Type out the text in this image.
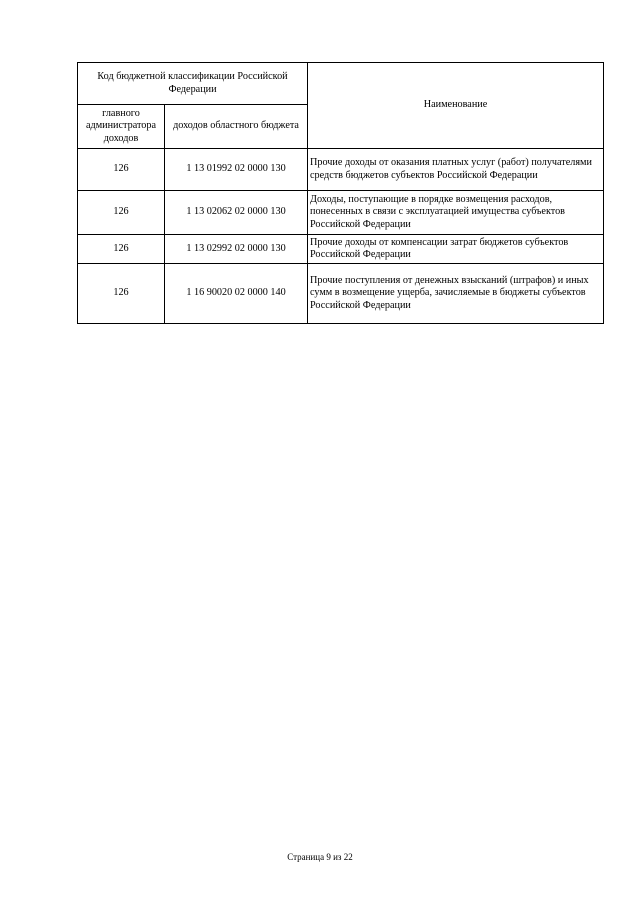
Код бюджетной классификации Российской Федерации		Наименование
главного администратора доходов	доходов областного бюджета	
126	1 13 01992 02 0000 130	Прочие доходы от оказания платных услуг (работ) получателями средств бюджетов субъектов Российской Федерации
126	1 13 02062 02 0000 130	Доходы, поступающие в порядке возмещения расходов, понесенных в связи с эксплуатацией имущества субъектов Российской Федерации
126	1 13 02992 02 0000 130	Прочие доходы от компенсации затрат бюджетов субъектов Российской Федерации
126	1 16 90020 02 0000 140	Прочие поступления от денежных взысканий (штрафов) и иных сумм в возмещение ущерба, зачисляемые в бюджеты субъектов Российской Федерации
Страница 9 из 22
